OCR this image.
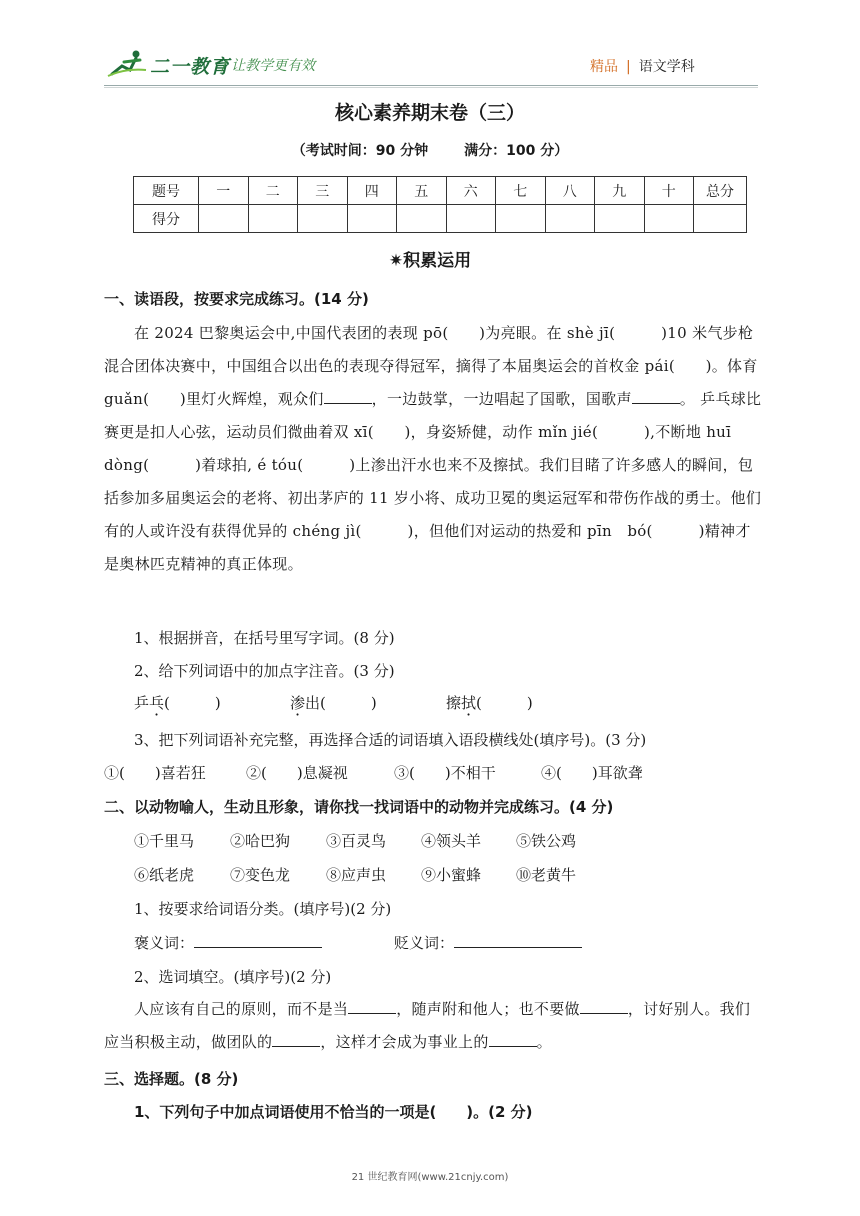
二一教育
/ 让教学更有效	精品 | 语文学科
核心素养期末卷（三）
（考试时间：90 分钟	满分：100 分）
题号	一	二	三	四	五	六	七	八	九	十	总分
得分											
✷积累运用
一、读语段，按要求完成练习。(14 分)
在 2024 巴黎奥运会中,中国代表团的表现 pō(　　)为亮眼。在 shè jī(　　　)10 米气步枪混合团体决赛中，中国组合以出色的表现夺得冠军，摘得了本届奥运会的首枚金 pái(　　)。体育 guǎn(　　)里灯火辉煌，观众们	，一边鼓掌，一边唱起了国歌，国歌声	。 乒乓球比赛更是扣人心弦，运动员们微曲着双 xī(　　)，身姿矫健，动作 mǐn jié(　　　),不断地 huī dòng(　　　)着球拍, é tóu(　　　)上渗出汗水也来不及擦拭。我们目睹了许多感人的瞬间，包括参加多届奥运会的老将、初出茅庐的 11 岁小将、成功卫冕的奥运冠军和带伤作战的勇士。他们有的人或许没有获得优异的 chéng jì(　　　)，但他们对运动的热爱和 pīn　bó(　　　)精神才是奥林匹克精神的真正体现。
1、根据拼音，在括号里写字词。(8 分)
2、给下列词语中的加点字注音。(3 分)
乒乓(　　　)	渗出(　　　)	擦拭(　　　)
3、把下列词语补充完整，再选择合适的词语填入语段横线处(填序号)。(3 分)
①(　　)喜若狂	②(　　)息凝视	③(　　)不相干	④(　　)耳欲聋
二、以动物喻人，生动且形象，请你找一找词语中的动物并完成练习。(4 分)
①千里马 ②哈巴狗 ③百灵鸟 ④领头羊 ⑤铁公鸡
⑥纸老虎 ⑦变色龙 ⑧应声虫 ⑨小蜜蜂 ⑩老黄牛
1、按要求给词语分类。(填序号)(2 分)
褒义词：	贬义词：
2、选词填空。(填序号)(2 分)
人应该有自己的原则，而不是当	，随声附和他人；也不要做	，讨好别人。我们应当积极主动，做团队的	，这样才会成为事业上的	。
三、选择题。(8 分)
1、下列句子中加点词语使用不恰当的一项是(　　)。(2 分)
21 世纪教育网(www.21cnjy.com)
